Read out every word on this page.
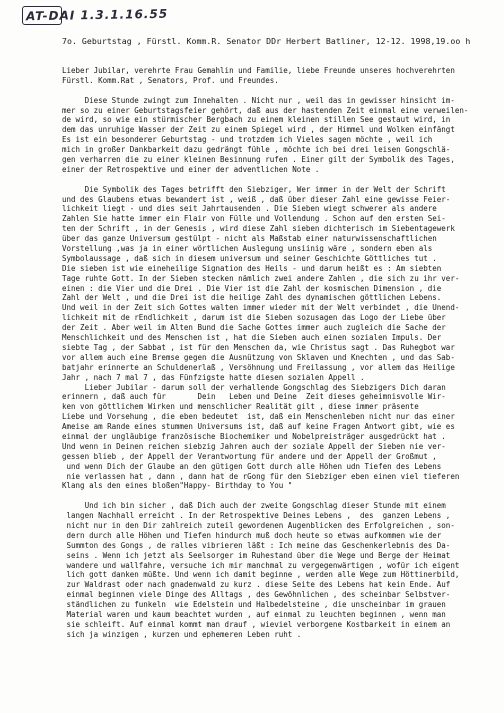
AT-DAI 1.3.1.16.55
7o. Geburtstag , Fürstl. Komm.R. Senator DDr Herbert Batliner, 12-12. 1998,19.oo h
Lieber Jubilar, verehrte Frau Gemahlin und Familie, liebe Freunde unseres hochverehrten
Fürstl. Komm.Rat , Senators, Prof. und Freundes.
Diese Stunde zwingt zum Innehalten . Nicht nur , weil das in gewisser hinsicht im-
mer so zu einer Geburtstagsfeier gehört, daß aus der hastenden Zeit einmal eine verweilen-
de wird, so wie ein stürmischer Bergbach zu einem kleinen stillen See gestaut wird, in
dem das unruhige Wasser der Zeit zu einem Spiegel wird , der Himmel und Wolken einfängt
Es ist ein besonderer Geburtstag - und trotzdem ich Vieles sagen möchte , weil ich
mich in großer Dankbarkeit dazu gedrängt fühle , möchte ich bei drei leisen Gongschlä-
gen verharren die zu einer kleinen Besinnung rufen . Einer gilt der Symbolik des Tages,
einer der Retrospektive und einer der adventlichen Note .
Die Symbolik des Tages betrifft den Siebziger, Wer immer in der Welt der Schrift
und des Glaubens etwas bewandert ist , weiß , daß über dieser Zahl eine gewisse Feier-
lichkeit liegt - und dies seit Jahrtausenden . Die Sieben wiegt schwerer als andere
Zahlen Sie hatte immer ein Flair von Fülle und Vollendung . Schon auf den ersten Sei-
ten der Schrift , in der Genesis , wird diese Zahl sieben dichterisch im Siebentagewerk
über das ganze Universum gestülpt - nicht als Maßstab einer naturwissenschaftlichen
Vorstellung ,was ja in einer wörtlichen Auslegung unsiinig wäre , sondern eben als
Symbolaussage , daß sich in diesem universum und seiner Geschichte Göttliches tut .
Die sieben ist wie eineheilige Signation des Heils - und darum heißt es : Am siebten
Tage ruhte Gott. In der Sieben stecken nämlich zwei andere Zahlen , die sich zu ihr ver-
einen : die Vier und die Drei . Die Vier ist die Zahl der kosmischen Dimension , die
Zahl der Welt , und die Drei ist die heilige Zahl des dynamischen göttlichen Lebens.
Und weil in der Zeit sich Gottes walten immer wieder mit der Welt verbindet , die Unend-
lichkeit mit de rEndlichkeit , darum ist die Sieben sozusagen das Logo der Liebe über
der Zeit . Aber weil im Alten Bund die Sache Gottes immer auch zugleich die Sache der
Menschlichkeit und des Menschen ist , hat die Sieben auch einen sozialen Impuls. Der
siebte Tag , der Sabbat , ist für den Menschen da, wie Christus sagt . Das Ruhegbot war
vor allem auch eine Bremse gegen die Ausnützung von Sklaven und Knechten , und das Sab-
batjahr erinnerte an Schuldenerlaß , Versöhnung und Freilassung , vor allem das Heilige
Jahr , nach 7 mal 7 , das Fünfzigste hatte diesen sozialen Appell .
Lieber Jubilar - darum soll der verhallende Gongschlag des Siebzigers Dich daran
erinnern , daß auch für       Dein   Leben und Deine  Zeit dieses geheimnisvolle Wir-
ken von göttlichem Wirken und menschlicher Realität gilt , diese immer präsente
Liebe und Vorsehung , die eben bedeutet  ist, daß ein Menschenleben nicht nur das einer
Ameise am Rande eines stummen Universums ist, daß auf keine Fragen Antwort gibt, wie es
einmal der ungläubige französische Biochemiker und Nobelpreisträger ausgedrückt hat .
Und wenn in Deinen reichen siebzig Jahren auch der soziale Appell der Sieben nie ver-
gessen blieb , der Appell der Verantwortung für andere und der Appell der Großmut ,
und wenn Dich der Glaube an den gütigen Gott durch alle Höhen udn Tiefen des Lebens
nie verlassen hat , dann , dann hat de rGong für den Siebziger eben einen viel tieferen
Klang als den eines bloßen"Happy- Birthday to You "
Und ich bin sicher , daß Dich auch der zweite Gongschlag dieser Stunde mit einem
langen Nachhall erreicht . In der Retrospektive Deines Lebens ,  des  ganzen Lebens ,
nicht nur in den Dir zahlreich zuteil gewordenen Augenblicken des Erfolgreichen , son-
dern durch alle Höhen und Tiefen hindurch muß doch heute so etwas aufkommen wie der
Summton des Gongs , de ralles vibrieren läßt : Ich meine das Geschenkerlebnis des Da-
seins . Wenn ich jetzt als Seelsorger im Ruhestand über die Wege und Berge der Heimat
wandere und wallfahre, versuche ich mir manchmal zu vergegenwärtigen , wofür ich eigent
lich gott danken müßte. Und wenn ich damit beginne , werden alle Wege zum Höttinerbild,
zur Waldrast oder nach gnadenwald zu kurz . diese Seite des Lebens hat kein Ende. Auf
einmal beginnen viele Dinge des Alltags , des Gewöhnlichen , des scheinbar Selbstver-
ständlichen zu funkeln  wie Edelstein und Halbedelsteine , die unscheinbar im grauen
Material waren und kaum beachtet wurden , auf einmal zu leuchten beginnen , wenn man
sie schleift. Auf einmal kommt man drauf , wieviel verborgene Kostbarkeit in einem an
sich ja winzigen , kurzen und ephemeren Leben ruht .
